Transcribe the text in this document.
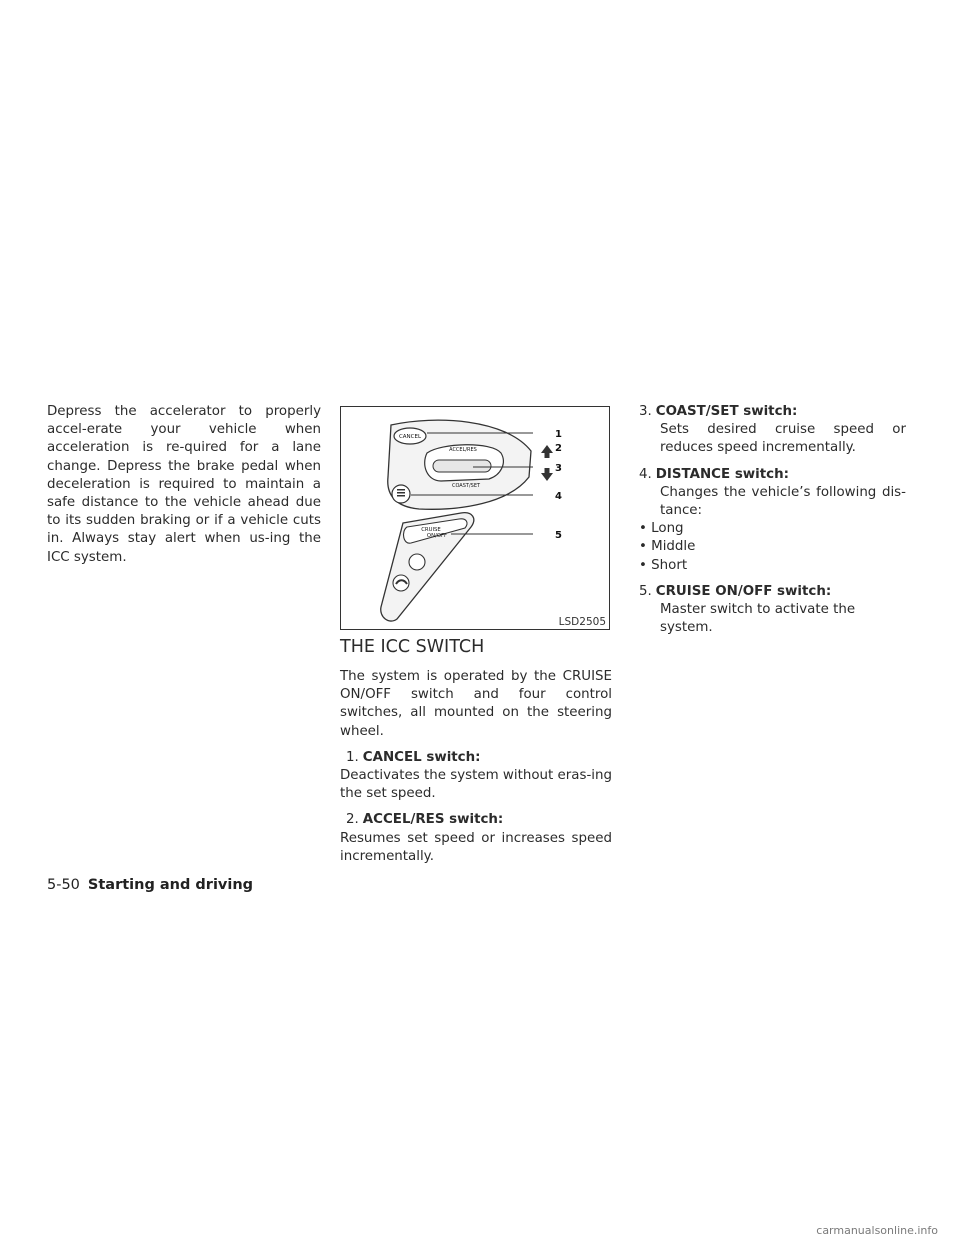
Depress the accelerator to properly accel-erate your vehicle when acceleration is re-quired for a lane change. Depress the brake pedal when deceleration is required to maintain a safe distance to the vehicle ahead due to its sudden braking or if a vehicle cuts in. Always stay alert when us-ing the ICC system.

CANCEL
ACCEL/RES
COAST/SET
CRUISE
ON/OFF
1
2
3
4
5
LSD2505
THE ICC SWITCH

The system is operated by the CRUISE ON/OFF switch and four control switches, all mounted on the steering wheel.

1. CANCEL switch:

Deactivates the system without eras-ing the set speed.

2. ACCEL/RES switch:

Resumes set speed or increases speed incrementally.

3. COAST/SET switch:

Sets desired cruise speed or reduces speed incrementally.

4. DISTANCE switch:

Changes the vehicle’s following dis-tance:

• Long

• Middle

• Short

5. CRUISE ON/OFF switch:

Master switch to activate the system.

5-50 Starting and driving
carmanualsonline.info
